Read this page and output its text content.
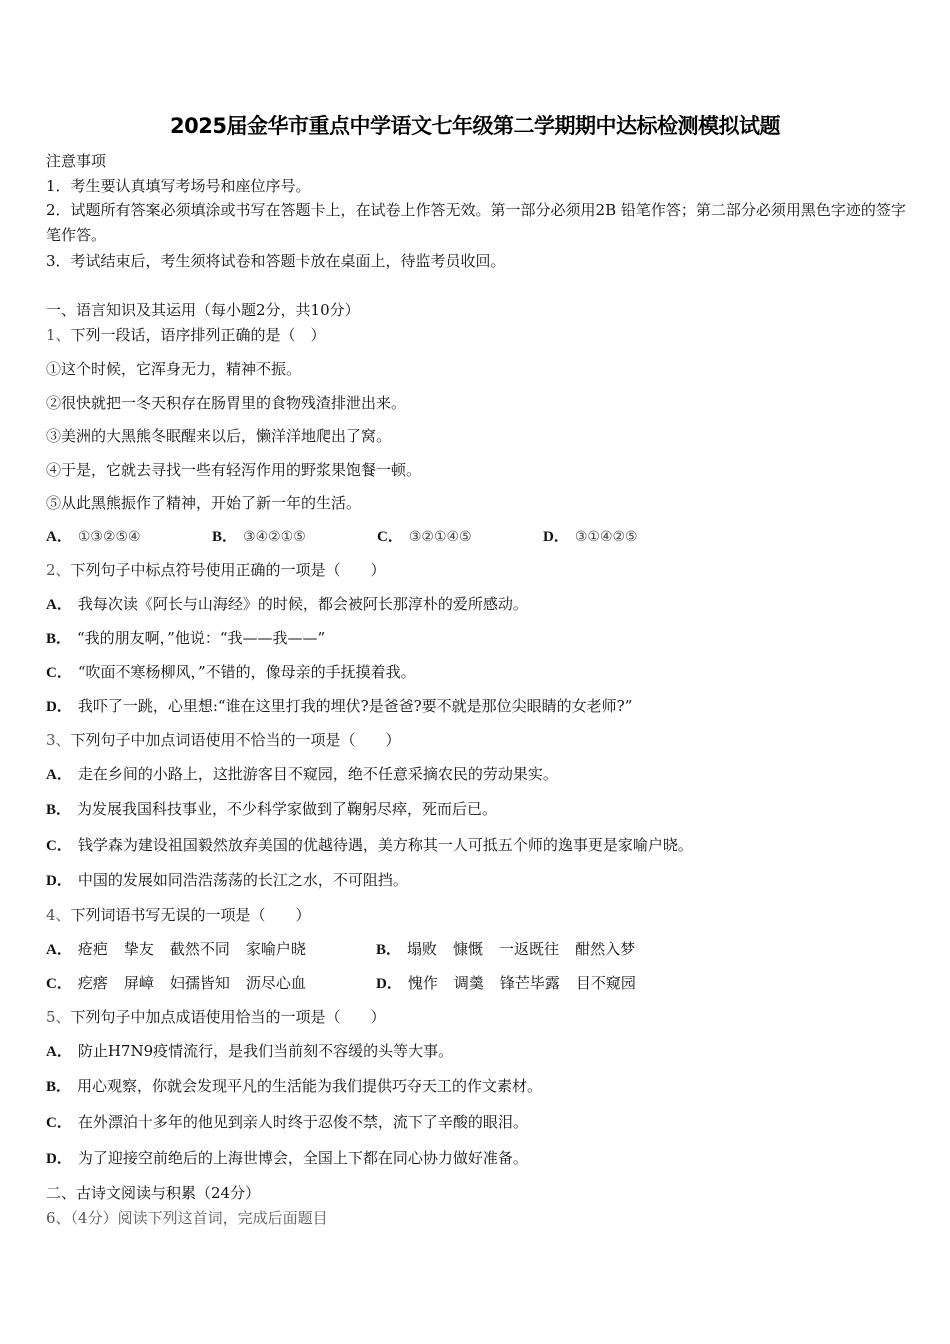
2025届金华市重点中学语文七年级第二学期期中达标检测模拟试题
注意事项
1．考生要认真填写考场号和座位序号。
2．试题所有答案必须填涂或书写在答题卡上，在试卷上作答无效。第一部分必须用2B 铅笔作答；第二部分必须用黑色字迹的签字笔作答。
3．考试结束后，考生须将试卷和答题卡放在桌面上，待监考员收回。
一、语言知识及其运用（每小题2分，共10分）
1、下列一段话，语序排列正确的是（　）
①这个时候，它浑身无力，精神不振。
②很快就把一冬天积存在肠胃里的食物残渣排泄出来。
③美洲的大黑熊冬眠醒来以后，懒洋洋地爬出了窝。
④于是，它就去寻找一些有轻泻作用的野浆果饱餐一顿。
⑤从此黑熊振作了精神，开始了新一年的生活。
A． ①③②⑤④	B． ③④②①⑤	C． ③②①④⑤	D． ③①④②⑤
2、下列句子中标点符号使用正确的一项是（　　）
A． 我每次读《阿长与山海经》的时候，都会被阿长那淳朴的爱所感动。
B． “我的朋友啊，”他说：“我——我——”
C． “吹面不寒杨柳风，”不错的，像母亲的手抚摸着我。
D． 我吓了一跳，心里想:“谁在这里打我的埋伏?是爸爸?要不就是那位尖眼睛的女老师?”
3、下列句子中加点词语使用不恰当的一项是（　　）
A． 走在乡间的小路上，这批游客目不窥园，绝不任意采摘农民的劳动果实。
B． 为发展我国科技事业，不少科学家做到了鞠躬尽瘁，死而后已。
C． 钱学森为建设祖国毅然放弃美国的优越待遇，美方称其一人可抵五个师的逸事更是家喻户晓。
D． 中国的发展如同浩浩荡荡的长江之水，不可阻挡。
4、下列词语书写无误的一项是（　　）
A． 疮疤 挚友 截然不同 家喻户晓	B． 塌败 慷慨 一返既往 酣然入梦
C． 疙瘩 屏嶂 妇孺皆知 沥尽心血	D． 愧作 调羹 锋芒毕露 目不窥园
5、下列句子中加点成语使用恰当的一项是（　　）
A． 防止H7N9疫情流行，是我们当前刻不容缓的头等大事。
B． 用心观察，你就会发现平凡的生活能为我们提供巧夺天工的作文素材。
C． 在外漂泊十多年的他见到亲人时终于忍俊不禁，流下了辛酸的眼泪。
D． 为了迎接空前绝后的上海世博会，全国上下都在同心协力做好准备。
二、古诗文阅读与积累（24分）
6、（4分）阅读下列这首词，完成后面题目
